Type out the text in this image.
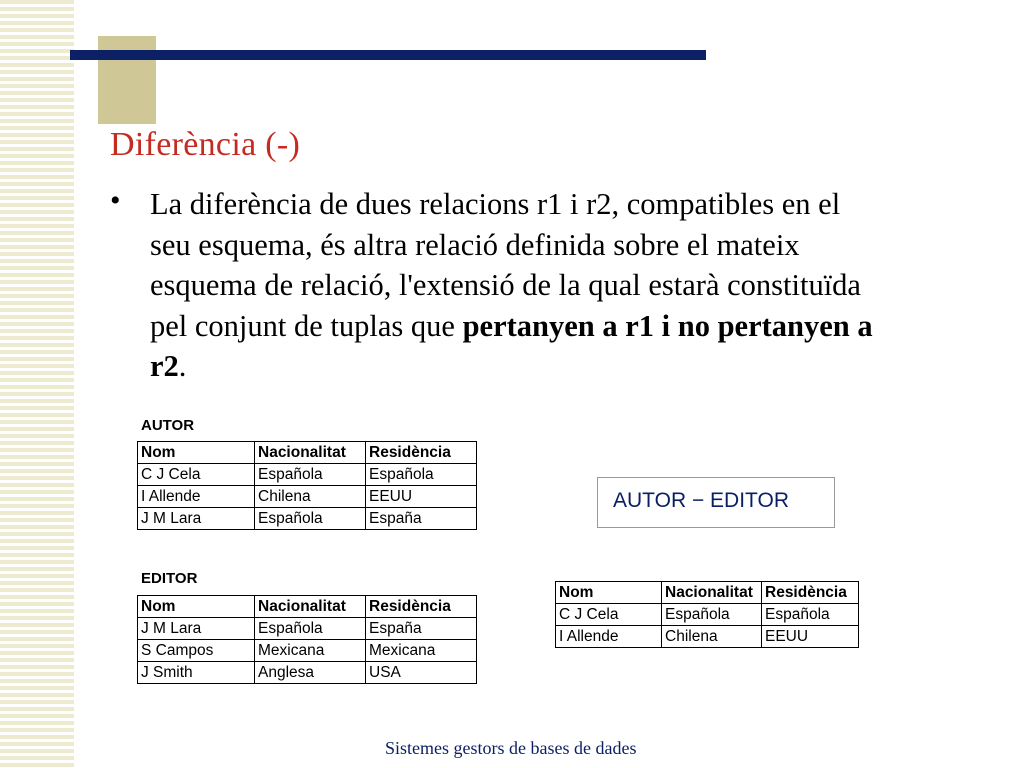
Diferència (-)
• La diferència de dues relacions r1 i r2, compatibles en el
seu esquema, és altra relació definida sobre el mateix
esquema de relació, l'extensió de la qual estarà constituïda
pel conjunt de tuplas que pertanyen a r1 i no pertanyen a
r2.
AUTOR
Nom	Nacionalitat	Residència
C J Cela	Española	Española
I Allende	Chilena	EEUU
J M Lara	Española	España
EDITOR
Nom	Nacionalitat	Residència
J M Lara	Española	España
S Campos	Mexicana	Mexicana
J Smith	Anglesa	USA
AUTOR − EDITOR
Nom	Nacionalitat	Residència
C J Cela	Española	Española
I Allende	Chilena	EEUU
Sistemes gestors de bases de dades
